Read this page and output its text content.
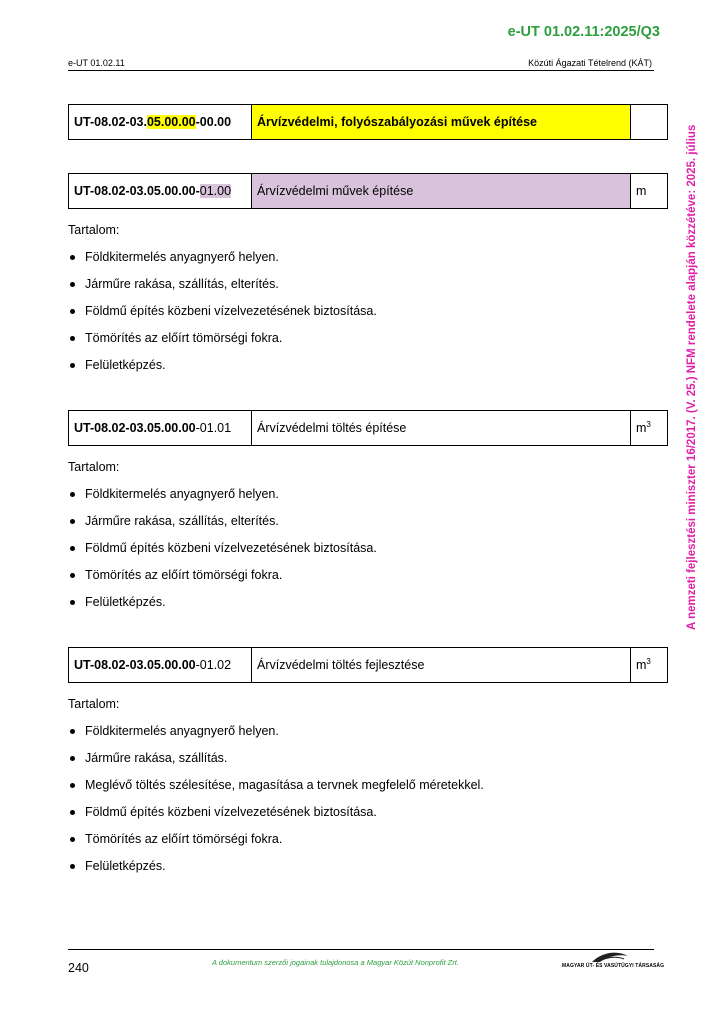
e-UT 01.02.11:2025/Q3
e-UT 01.02.11	Közúti Ágazati Tételrend (KÁT)
A nemzeti fejlesztési miniszter 16/2017. (V. 25.) NFM rendelete alapján közzétéve: 2025. július
UT-08.02-03.05.00.00-00.00	Árvízvédelmi, folyószabályozási művek építése	
UT-08.02-03.05.00.00-01.00	Árvízvédelmi művek építése	m
Tartalom:
Földkitermelés anyagnyerő helyen.
Járműre rakása, szállítás, elterítés.
Földmű építés közbeni vízelvezetésének biztosítása.
Tömörítés az előírt tömörségi fokra.
Felületképzés.
UT-08.02-03.05.00.00-01.01	Árvízvédelmi töltés építése	$m^3$
Tartalom:
Földkitermelés anyagnyerő helyen.
Járműre rakása, szállítás, elterítés.
Földmű építés közbeni vízelvezetésének biztosítása.
Tömörítés az előírt tömörségi fokra.
Felületképzés.
UT-08.02-03.05.00.00-01.02	Árvízvédelmi töltés fejlesztése	$m^3$
Tartalom:
Földkitermelés anyagnyerő helyen.
Járműre rakása, szállítás.
Meglévő töltés szélesítése, magasítása a tervnek megfelelő méretekkel.
Földmű építés közbeni vízelvezetésének biztosítása.
Tömörítés az előírt tömörségi fokra.
Felületképzés.
240	A dokumentum szerzői jogainak tulajdonosa a Magyar Közút Nonprofit Zrt.	MAGYAR ÚT- ÉS VASÚTÜGYI TÁRSASÁG
